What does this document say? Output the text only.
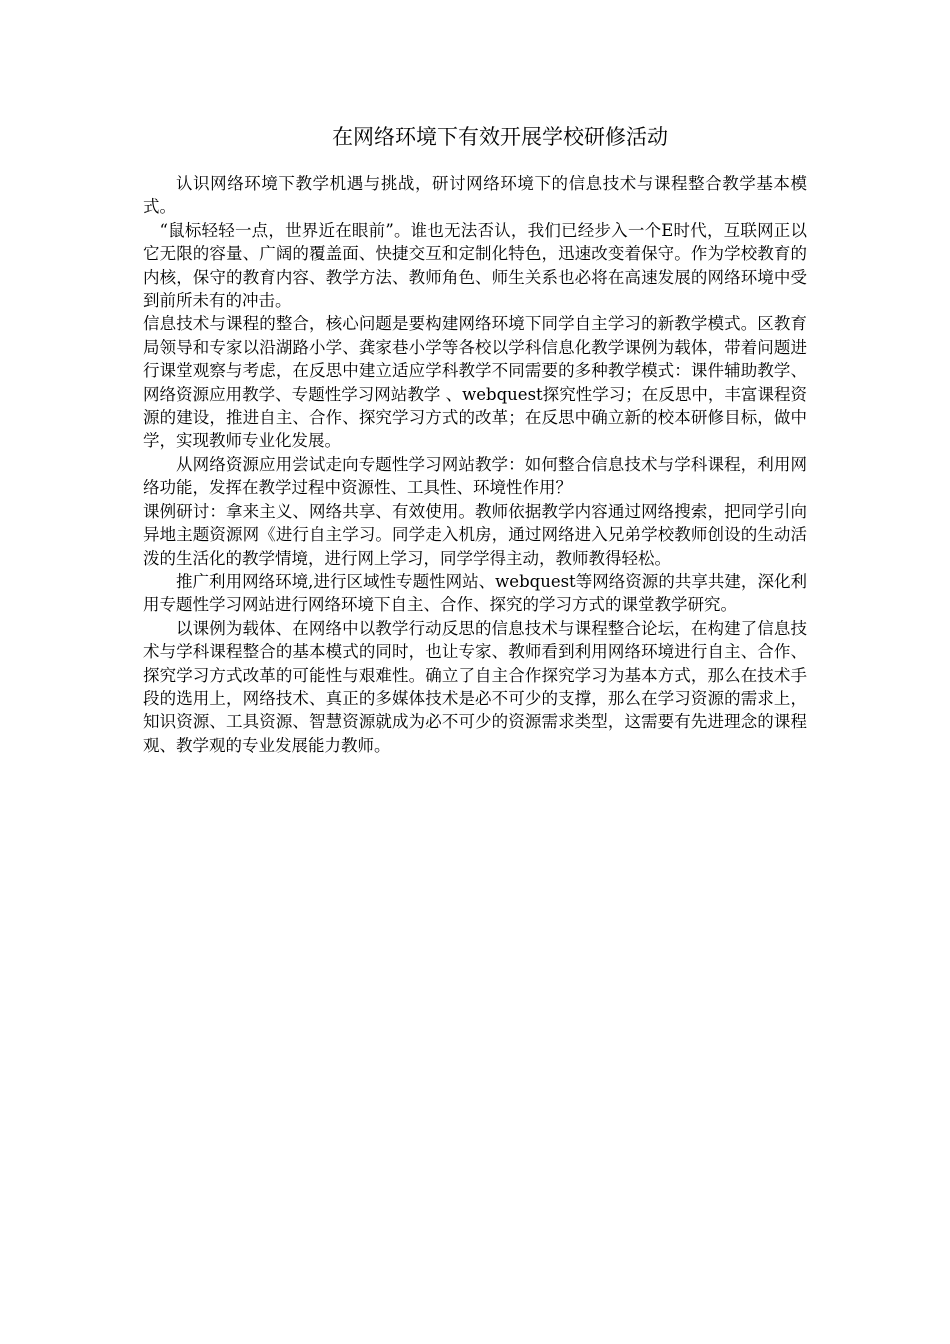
在网络环境下有效开展学校研修活动

认识网络环境下教学机遇与挑战，研讨网络环境下的信息技术与课程整合教学基本模式。

“鼠标轻轻一点，世界近在眼前”。谁也无法否认，我们已经步入一个E时代，互联网正以它无限的容量、广阔的覆盖面、快捷交互和定制化特色，迅速改变着保守。作为学校教育的内核，保守的教育内容、教学方法、教师角色、师生关系也必将在高速发展的网络环境中受到前所未有的冲击。

信息技术与课程的整合，核心问题是要构建网络环境下同学自主学习的新教学模式。区教育局领导和专家以沿湖路小学、龚家巷小学等各校以学科信息化教学课例为载体，带着问题进行课堂观察与考虑，在反思中建立适应学科教学不同需要的多种教学模式：课件辅助教学、网络资源应用教学、专题性学习网站教学 、webquest探究性学习；在反思中，丰富课程资源的建设，推进自主、合作、探究学习方式的改革；在反思中确立新的校本研修目标，做中学，实现教师专业化发展。

从网络资源应用尝试走向专题性学习网站教学：如何整合信息技术与学科课程，利用网络功能，发挥在教学过程中资源性、工具性、环境性作用？

课例研讨：拿来主义、网络共享、有效使用。教师依据教学内容通过网络搜索，把同学引向异地主题资源网《进行自主学习。同学走入机房，通过网络进入兄弟学校教师创设的生动活泼的生活化的教学情境，进行网上学习，同学学得主动，教师教得轻松。

推广利用网络环境,进行区域性专题性网站、webquest等网络资源的共享共建，深化利用专题性学习网站进行网络环境下自主、合作、探究的学习方式的课堂教学研究。

以课例为载体、在网络中以教学行动反思的信息技术与课程整合论坛，在构建了信息技术与学科课程整合的基本模式的同时，也让专家、教师看到利用网络环境进行自主、合作、探究学习方式改革的可能性与艰难性。确立了自主合作探究学习为基本方式，那么在技术手段的选用上，网络技术、真正的多媒体技术是必不可少的支撑，那么在学习资源的需求上，知识资源、工具资源、智慧资源就成为必不可少的资源需求类型，这需要有先进理念的课程观、教学观的专业发展能力教师。
